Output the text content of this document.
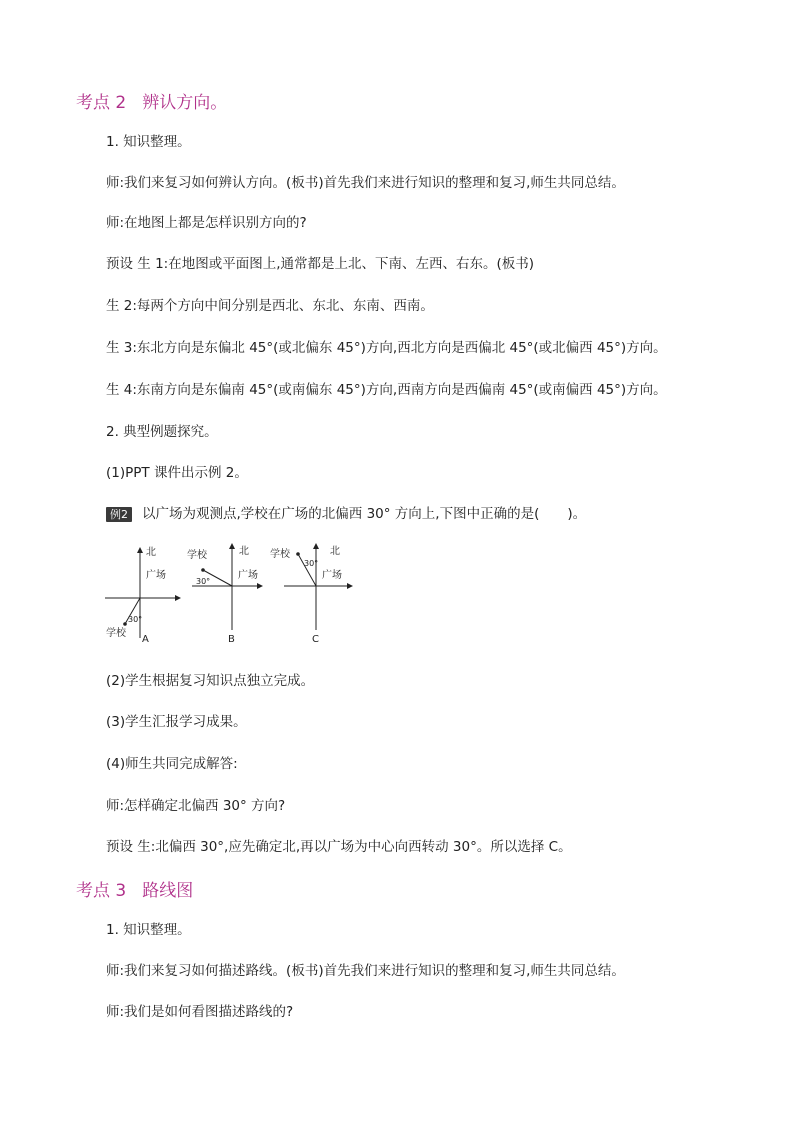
考点 2 辨认方向。
1. 知识整理。
师:我们来复习如何辨认方向。(板书)首先我们来进行知识的整理和复习,师生共同总结。
师:在地图上都是怎样识别方向的?
预设 生 1:在地图或平面图上,通常都是上北、下南、左西、右东。(板书)
生 2:每两个方向中间分别是西北、东北、东南、西南。
生 3:东北方向是东偏北 45°(或北偏东 45°)方向,西北方向是西偏北 45°(或北偏西 45°)方向。
生 4:东南方向是东偏南 45°(或南偏东 45°)方向,西南方向是西偏南 45°(或南偏西 45°)方向。
2. 典型例题探究。
(1)PPT 课件出示例 2。
例2 以广场为观测点,学校在广场的北偏西 30° 方向上,下图中正确的是( )。
北
广场
30°
学校
A
北
学校
广场
30°
B
学校	北
30°
广场
C
(2)学生根据复习知识点独立完成。
(3)学生汇报学习成果。
(4)师生共同完成解答:
师:怎样确定北偏西 30° 方向?
预设 生:北偏西 30°,应先确定北,再以广场为中心向西转动 30°。所以选择 C。
考点 3 路线图
1. 知识整理。
师:我们来复习如何描述路线。(板书)首先我们来进行知识的整理和复习,师生共同总结。
师:我们是如何看图描述路线的?
